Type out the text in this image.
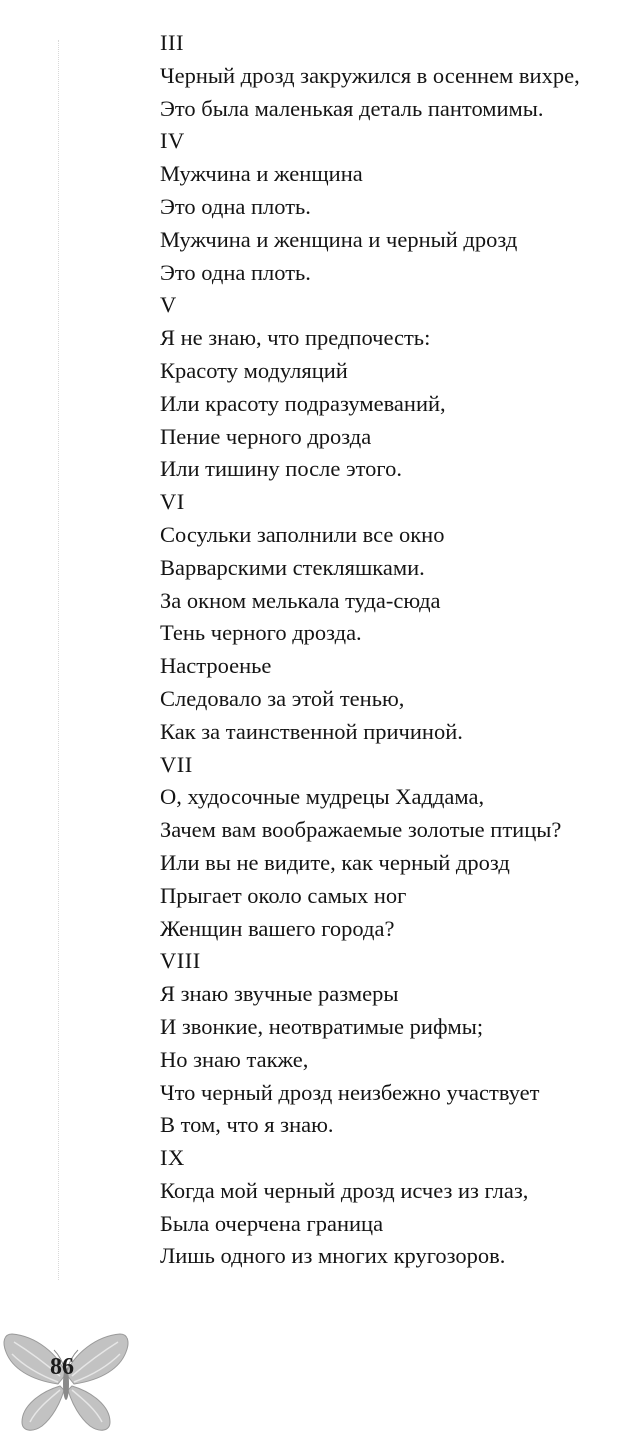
III
Черный дрозд закружился в осеннем вихре,
Это была маленькая деталь пантомимы.
IV
Мужчина и женщина
Это одна плоть.
Мужчина и женщина и черный дрозд
Это одна плоть.
V
Я не знаю, что предпочесть:
Красоту модуляций
Или красоту подразумеваний,
Пение черного дрозда
Или тишину после этого.
VI
Сосульки заполнили все окно
Варварскими стекляшками.
За окном мелькала туда-сюда
Тень черного дрозда.
Настроенье
Следовало за этой тенью,
Как за таинственной причиной.
VII
О, худосочные мудрецы Хаддама,
Зачем вам воображаемые золотые птицы?
Или вы не видите, как черный дрозд
Прыгает около самых ног
Женщин вашего города?
VIII
Я знаю звучные размеры
И звонкие, неотвратимые рифмы;
Но знаю также,
Что черный дрозд неизбежно участвует
В том, что я знаю.
IX
Когда мой черный дрозд исчез из глаз,
Была очерчена граница
Лишь одного из многих кругозоров.
86
